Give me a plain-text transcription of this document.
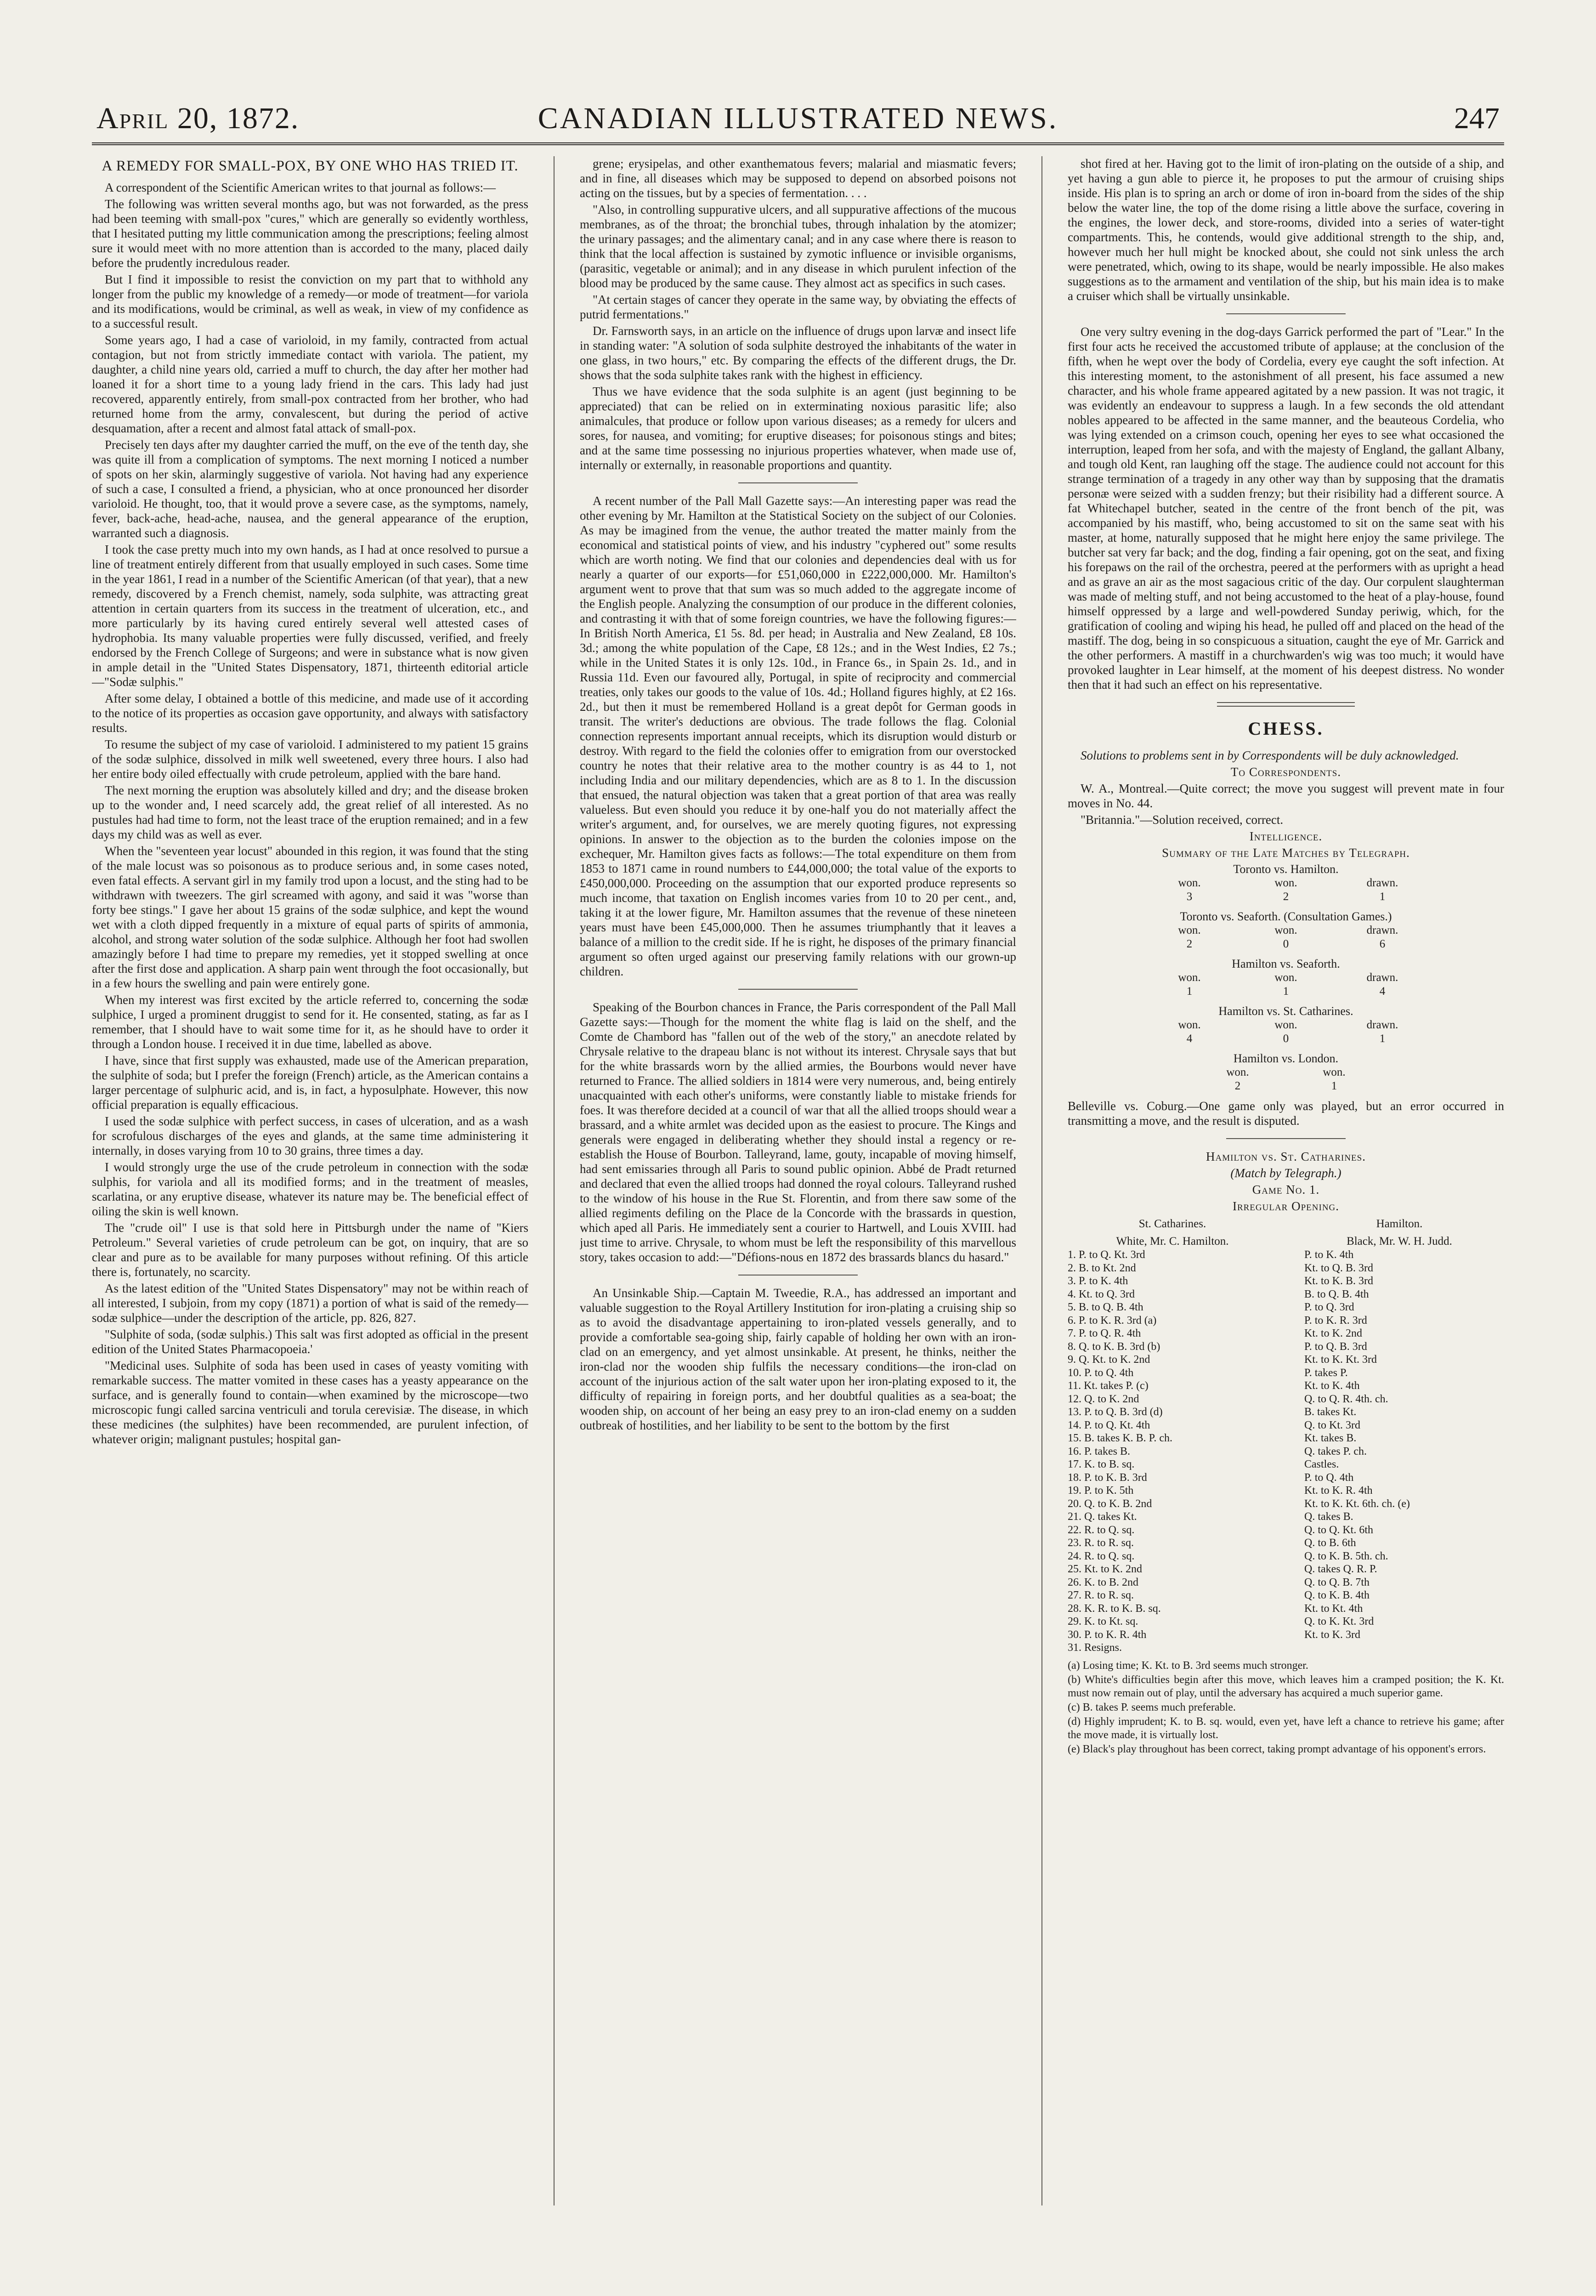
April 20, 1872.	CANADIAN ILLUSTRATED NEWS.	247
A REMEDY FOR SMALL-POX, BY ONE WHO HAS TRIED IT.

A correspondent of the Scientific American writes to that journal as follows:—

The following was written several months ago, but was not forwarded, as the press had been teeming with small-pox "cures," which are generally so evidently worthless, that I hesitated putting my little communication among the prescriptions; feeling almost sure it would meet with no more attention than is accorded to the many, placed daily before the prudently incredulous reader.

But I find it impossible to resist the conviction on my part that to withhold any longer from the public my knowledge of a remedy—or mode of treatment—for variola and its modifications, would be criminal, as well as weak, in view of my confidence as to a successful result.

Some years ago, I had a case of varioloid, in my family, contracted from actual contagion, but not from strictly immediate contact with variola. The patient, my daughter, a child nine years old, carried a muff to church, the day after her mother had loaned it for a short time to a young lady friend in the cars. This lady had just recovered, apparently entirely, from small-pox contracted from her brother, who had returned home from the army, convalescent, but during the period of active desquamation, after a recent and almost fatal attack of small-pox.

Precisely ten days after my daughter carried the muff, on the eve of the tenth day, she was quite ill from a complication of symptoms. The next morning I noticed a number of spots on her skin, alarmingly suggestive of variola. Not having had any experience of such a case, I consulted a friend, a physician, who at once pronounced her disorder varioloid. He thought, too, that it would prove a severe case, as the symptoms, namely, fever, back-ache, head-ache, nausea, and the general appearance of the eruption, warranted such a diagnosis.

I took the case pretty much into my own hands, as I had at once resolved to pursue a line of treatment entirely different from that usually employed in such cases. Some time in the year 1861, I read in a number of the Scientific American (of that year), that a new remedy, discovered by a French chemist, namely, soda sulphite, was attracting great attention in certain quarters from its success in the treatment of ulceration, etc., and more particularly by its having cured entirely several well attested cases of hydrophobia. Its many valuable properties were fully discussed, verified, and freely endorsed by the French College of Surgeons; and were in substance what is now given in ample detail in the "United States Dispensatory, 1871, thirteenth editorial article—"Sodæ sulphis."

After some delay, I obtained a bottle of this medicine, and made use of it according to the notice of its properties as occasion gave opportunity, and always with satisfactory results.

To resume the subject of my case of varioloid. I administered to my patient 15 grains of the sodæ sulphice, dissolved in milk well sweetened, every three hours. I also had her entire body oiled effectually with crude petroleum, applied with the bare hand.

The next morning the eruption was absolutely killed and dry; and the disease broken up to the wonder and, I need scarcely add, the great relief of all interested. As no pustules had had time to form, not the least trace of the eruption remained; and in a few days my child was as well as ever.

When the "seventeen year locust" abounded in this region, it was found that the sting of the male locust was so poisonous as to produce serious and, in some cases noted, even fatal effects. A servant girl in my family trod upon a locust, and the sting had to be withdrawn with tweezers. The girl screamed with agony, and said it was "worse than forty bee stings." I gave her about 15 grains of the sodæ sulphice, and kept the wound wet with a cloth dipped frequently in a mixture of equal parts of spirits of ammonia, alcohol, and strong water solution of the sodæ sulphice. Although her foot had swollen amazingly before I had time to prepare my remedies, yet it stopped swelling at once after the first dose and application. A sharp pain went through the foot occasionally, but in a few hours the swelling and pain were entirely gone.

When my interest was first excited by the article referred to, concerning the sodæ sulphice, I urged a prominent druggist to send for it. He consented, stating, as far as I remember, that I should have to wait some time for it, as he should have to order it through a London house. I received it in due time, labelled as above.

I have, since that first supply was exhausted, made use of the American preparation, the sulphite of soda; but I prefer the foreign (French) article, as the American contains a larger percentage of sulphuric acid, and is, in fact, a hyposulphate. However, this now official preparation is equally efficacious.

I used the sodæ sulphice with perfect success, in cases of ulceration, and as a wash for scrofulous discharges of the eyes and glands, at the same time administering it internally, in doses varying from 10 to 30 grains, three times a day.

I would strongly urge the use of the crude petroleum in connection with the sodæ sulphis, for variola and all its modified forms; and in the treatment of measles, scarlatina, or any eruptive disease, whatever its nature may be. The beneficial effect of oiling the skin is well known.

The "crude oil" I use is that sold here in Pittsburgh under the name of "Kiers Petroleum." Several varieties of crude petroleum can be got, on inquiry, that are so clear and pure as to be available for many purposes without refining. Of this article there is, fortunately, no scarcity.

As the latest edition of the "United States Dispensatory" may not be within reach of all interested, I subjoin, from my copy (1871) a portion of what is said of the remedy—sodæ sulphice—under the description of the article, pp. 826, 827.

"Sulphite of soda, (sodæ sulphis.) This salt was first adopted as official in the present edition of the United States Pharmacopoeia.'

"Medicinal uses. Sulphite of soda has been used in cases of yeasty vomiting with remarkable success. The matter vomited in these cases has a yeasty appearance on the surface, and is generally found to contain—when examined by the microscope—two microscopic fungi called sarcina ventriculi and torula cerevisiæ. The disease, in which these medicines (the sulphites) have been recommended, are purulent infection, of whatever origin; malignant pustules; hospital gan-

grene; erysipelas, and other exanthematous fevers; malarial and miasmatic fevers; and in fine, all diseases which may be supposed to depend on absorbed poisons not acting on the tissues, but by a species of fermentation. . . .

"Also, in controlling suppurative ulcers, and all suppurative affections of the mucous membranes, as of the throat; the bronchial tubes, through inhalation by the atomizer; the urinary passages; and the alimentary canal; and in any case where there is reason to think that the local affection is sustained by zymotic influence or invisible organisms, (parasitic, vegetable or animal); and in any disease in which purulent infection of the blood may be produced by the same cause. They almost act as specifics in such cases.

"At certain stages of cancer they operate in the same way, by obviating the effects of putrid fermentations."

Dr. Farnsworth says, in an article on the influence of drugs upon larvæ and insect life in standing water: "A solution of soda sulphite destroyed the inhabitants of the water in one glass, in two hours," etc. By comparing the effects of the different drugs, the Dr. shows that the soda sulphite takes rank with the highest in efficiency.

Thus we have evidence that the soda sulphite is an agent (just beginning to be appreciated) that can be relied on in exterminating noxious parasitic life; also animalcules, that produce or follow upon various diseases; as a remedy for ulcers and sores, for nausea, and vomiting; for eruptive diseases; for poisonous stings and bites; and at the same time possessing no injurious properties whatever, when made use of, internally or externally, in reasonable proportions and quantity.

A recent number of the Pall Mall Gazette says:—An interesting paper was read the other evening by Mr. Hamilton at the Statistical Society on the subject of our Colonies. As may be imagined from the venue, the author treated the matter mainly from the economical and statistical points of view, and his industry "cyphered out" some results which are worth noting. We find that our colonies and dependencies deal with us for nearly a quarter of our exports—for £51,060,000 in £222,000,000. Mr. Hamilton's argument went to prove that that sum was so much added to the aggregate income of the English people. Analyzing the consumption of our produce in the different colonies, and contrasting it with that of some foreign countries, we have the following figures:—In British North America, £1 5s. 8d. per head; in Australia and New Zealand, £8 10s. 3d.; among the white population of the Cape, £8 12s.; and in the West Indies, £2 7s.; while in the United States it is only 12s. 10d., in France 6s., in Spain 2s. 1d., and in Russia 11d. Even our favoured ally, Portugal, in spite of reciprocity and commercial treaties, only takes our goods to the value of 10s. 4d.; Holland figures highly, at £2 16s. 2d., but then it must be remembered Holland is a great depôt for German goods in transit. The writer's deductions are obvious. The trade follows the flag. Colonial connection represents important annual receipts, which its disruption would disturb or destroy. With regard to the field the colonies offer to emigration from our overstocked country he notes that their relative area to the mother country is as 44 to 1, not including India and our military dependencies, which are as 8 to 1. In the discussion that ensued, the natural objection was taken that a great portion of that area was really valueless. But even should you reduce it by one-half you do not materially affect the writer's argument, and, for ourselves, we are merely quoting figures, not expressing opinions. In answer to the objection as to the burden the colonies impose on the exchequer, Mr. Hamilton gives facts as follows:—The total expenditure on them from 1853 to 1871 came in round numbers to £44,000,000; the total value of the exports to £450,000,000. Proceeding on the assumption that our exported produce represents so much income, that taxation on English incomes varies from 10 to 20 per cent., and, taking it at the lower figure, Mr. Hamilton assumes that the revenue of these nineteen years must have been £45,000,000. Then he assumes triumphantly that it leaves a balance of a million to the credit side. If he is right, he disposes of the primary financial argument so often urged against our preserving family relations with our grown-up children.

Speaking of the Bourbon chances in France, the Paris correspondent of the Pall Mall Gazette says:—Though for the moment the white flag is laid on the shelf, and the Comte de Chambord has "fallen out of the web of the story," an anecdote related by Chrysale relative to the drapeau blanc is not without its interest. Chrysale says that but for the white brassards worn by the allied armies, the Bourbons would never have returned to France. The allied soldiers in 1814 were very numerous, and, being entirely unacquainted with each other's uniforms, were constantly liable to mistake friends for foes. It was therefore decided at a council of war that all the allied troops should wear a brassard, and a white armlet was decided upon as the easiest to procure. The Kings and generals were engaged in deliberating whether they should instal a regency or re-establish the House of Bourbon. Talleyrand, lame, gouty, incapable of moving himself, had sent emissaries through all Paris to sound public opinion. Abbé de Pradt returned and declared that even the allied troops had donned the royal colours. Talleyrand rushed to the window of his house in the Rue St. Florentin, and from there saw some of the allied regiments defiling on the Place de la Concorde with the brassards in question, which aped all Paris. He immediately sent a courier to Hartwell, and Louis XVIII. had just time to arrive. Chrysale, to whom must be left the responsibility of this marvellous story, takes occasion to add:—"Défions-nous en 1872 des brassards blancs du hasard."

An Unsinkable Ship.—Captain M. Tweedie, R.A., has addressed an important and valuable suggestion to the Royal Artillery Institution for iron-plating a cruising ship so as to avoid the disadvantage appertaining to iron-plated vessels generally, and to provide a comfortable sea-going ship, fairly capable of holding her own with an iron-clad on an emergency, and yet almost unsinkable. At present, he thinks, neither the iron-clad nor the wooden ship fulfils the necessary conditions—the iron-clad on account of the injurious action of the salt water upon her iron-plating exposed to it, the difficulty of repairing in foreign ports, and her doubtful qualities as a sea-boat; the wooden ship, on account of her being an easy prey to an iron-clad enemy on a sudden outbreak of hostilities, and her liability to be sent to the bottom by the first

shot fired at her. Having got to the limit of iron-plating on the outside of a ship, and yet having a gun able to pierce it, he proposes to put the armour of cruising ships inside. His plan is to spring an arch or dome of iron in-board from the sides of the ship below the water line, the top of the dome rising a little above the surface, covering in the engines, the lower deck, and store-rooms, divided into a series of water-tight compartments. This, he contends, would give additional strength to the ship, and, however much her hull might be knocked about, she could not sink unless the arch were penetrated, which, owing to its shape, would be nearly impossible. He also makes suggestions as to the armament and ventilation of the ship, but his main idea is to make a cruiser which shall be virtually unsinkable.

One very sultry evening in the dog-days Garrick performed the part of "Lear." In the first four acts he received the accustomed tribute of applause; at the conclusion of the fifth, when he wept over the body of Cordelia, every eye caught the soft infection. At this interesting moment, to the astonishment of all present, his face assumed a new character, and his whole frame appeared agitated by a new passion. It was not tragic, it was evidently an endeavour to suppress a laugh. In a few seconds the old attendant nobles appeared to be affected in the same manner, and the beauteous Cordelia, who was lying extended on a crimson couch, opening her eyes to see what occasioned the interruption, leaped from her sofa, and with the majesty of England, the gallant Albany, and tough old Kent, ran laughing off the stage. The audience could not account for this strange termination of a tragedy in any other way than by supposing that the dramatis personæ were seized with a sudden frenzy; but their risibility had a different source. A fat Whitechapel butcher, seated in the centre of the front bench of the pit, was accompanied by his mastiff, who, being accustomed to sit on the same seat with his master, at home, naturally supposed that he might here enjoy the same privilege. The butcher sat very far back; and the dog, finding a fair opening, got on the seat, and fixing his forepaws on the rail of the orchestra, peered at the performers with as upright a head and as grave an air as the most sagacious critic of the day. Our corpulent slaughterman was made of melting stuff, and not being accustomed to the heat of a play-house, found himself oppressed by a large and well-powdered Sunday periwig, which, for the gratification of cooling and wiping his head, he pulled off and placed on the head of the mastiff. The dog, being in so conspicuous a situation, caught the eye of Mr. Garrick and the other performers. A mastiff in a churchwarden's wig was too much; it would have provoked laughter in Lear himself, at the moment of his deepest distress. No wonder then that it had such an effect on his representative.

CHESS.

Solutions to problems sent in by Correspondents will be duly acknowledged.

To Correspondents.

W. A., Montreal.—Quite correct; the move you suggest will prevent mate in four moves in No. 44.

"Britannia."—Solution received, correct.

Intelligence.

Summary of the Late Matches by Telegraph.

Toronto vs. Hamilton.
won.	won.	drawn.
3	2	1
Toronto vs. Seaforth. (Consultation Games.)
won.	won.	drawn.
2	0	6
Hamilton vs. Seaforth.
won.	won.	drawn.
1	1	4
Hamilton vs. St. Catharines.
won.	won.	drawn.
4	0	1
Hamilton vs. London.
won.	won.
2	1

Belleville vs. Coburg.—One game only was played, but an error occurred in transmitting a move, and the result is disputed.

Hamilton vs. St. Catharines.

(Match by Telegraph.)

Game No. 1.

Irregular Opening.

St. Catharines.	Hamilton.
White, Mr. C. Hamilton.	Black, Mr. W. H. Judd.
1. P. to Q. Kt. 3rd	P. to K. 4th
2. B. to Kt. 2nd	Kt. to Q. B. 3rd
3. P. to K. 4th	Kt. to K. B. 3rd
4. Kt. to Q. 3rd	B. to Q. B. 4th
5. B. to Q. B. 4th	P. to Q. 3rd
6. P. to K. R. 3rd (a)	P. to K. R. 3rd
7. P. to Q. R. 4th	Kt. to K. 2nd
8. Q. to K. B. 3rd (b)	P. to Q. B. 3rd
9. Q. Kt. to K. 2nd	Kt. to K. Kt. 3rd
10. P. to Q. 4th	P. takes P.
11. Kt. takes P. (c)	Kt. to K. 4th
12. Q. to K. 2nd	Q. to Q. R. 4th. ch.
13. P. to Q. B. 3rd (d)	B. takes Kt.
14. P. to Q. Kt. 4th	Q. to Kt. 3rd
15. B. takes K. B. P. ch.	Kt. takes B.
16. P. takes B.	Q. takes P. ch.
17. K. to B. sq.	Castles.
18. P. to K. B. 3rd	P. to Q. 4th
19. P. to K. 5th	Kt. to K. R. 4th
20. Q. to K. B. 2nd	Kt. to K. Kt. 6th. ch. (e)
21. Q. takes Kt.	Q. takes B.
22. R. to Q. sq.	Q. to Q. Kt. 6th
23. R. to R. sq.	Q. to B. 6th
24. R. to Q. sq.	Q. to K. B. 5th. ch.
25. Kt. to K. 2nd	Q. takes Q. R. P.
26. K. to B. 2nd	Q. to Q. B. 7th
27. R. to R. sq.	Q. to K. B. 4th
28. K. R. to K. B. sq.	Kt. to Kt. 4th
29. K. to Kt. sq.	Q. to K. Kt. 3rd
30. P. to K. R. 4th	Kt. to K. 3rd
31. Resigns.

(a) Losing time; K. Kt. to B. 3rd seems much stronger.

(b) White's difficulties begin after this move, which leaves him a cramped position; the K. Kt. must now remain out of play, until the adversary has acquired a much superior game.

(c) B. takes P. seems much preferable.

(d) Highly imprudent; K. to B. sq. would, even yet, have left a chance to retrieve his game; after the move made, it is virtually lost.

(e) Black's play throughout has been correct, taking prompt advantage of his opponent's errors.
